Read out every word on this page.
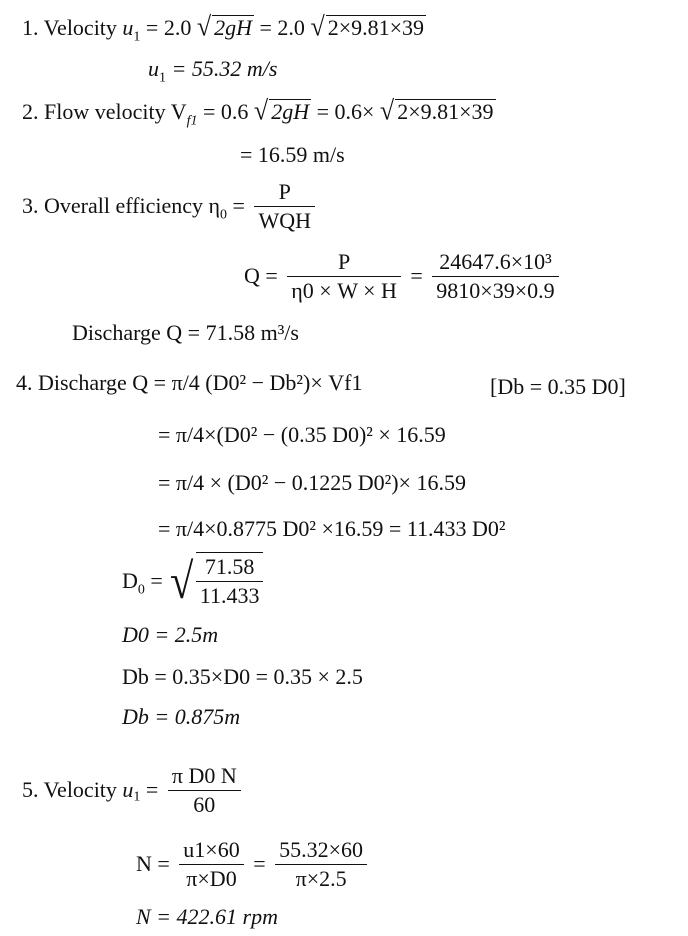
1. Velocity $u_1 = 2.0$ √ 2gH = 2.0 √ 2×9.81×39
$u_1 = 55.32$ m/s
2. Flow velocity $V_{f1} = 0.6$ √ 2gH = 0.6× √ 2×9.81×39
= 16.59 m/s
3. Overall efficiency $\eta_0 = \frac{P}{\text{WQH}}$
$Q = \frac{P}{\eta 0 \times W \times H} = \frac{\text{24647.6×10³}}{9810\times 39\times 0.9}$
Discharge Q = 71.58 m³/s
4. Discharge Q = π/4 (D0² − Db²)× Vf1	[Db = 0.35 D0]
= π/4×(D0² − (0.35 D0)² × 16.59
= π/4 × (D0² − 0.1225 D0²)× 16.59
= π/4×0.8775 D0² ×16.59 = 11.433 D0²
$D_0$ = √ $\frac{71.58}{11.433}$
D0 = 2.5m
Db = 0.35×D0 = 0.35 × 2.5
Db = 0.875m
5. Velocity $u_1 = \frac{\text{π D0 N}}{60}$
$N = \frac{u1\times 60}{\pi\times D0} = \frac{55.32\times 60}{\pi\times 2.5}$
N = 422.61 rpm
